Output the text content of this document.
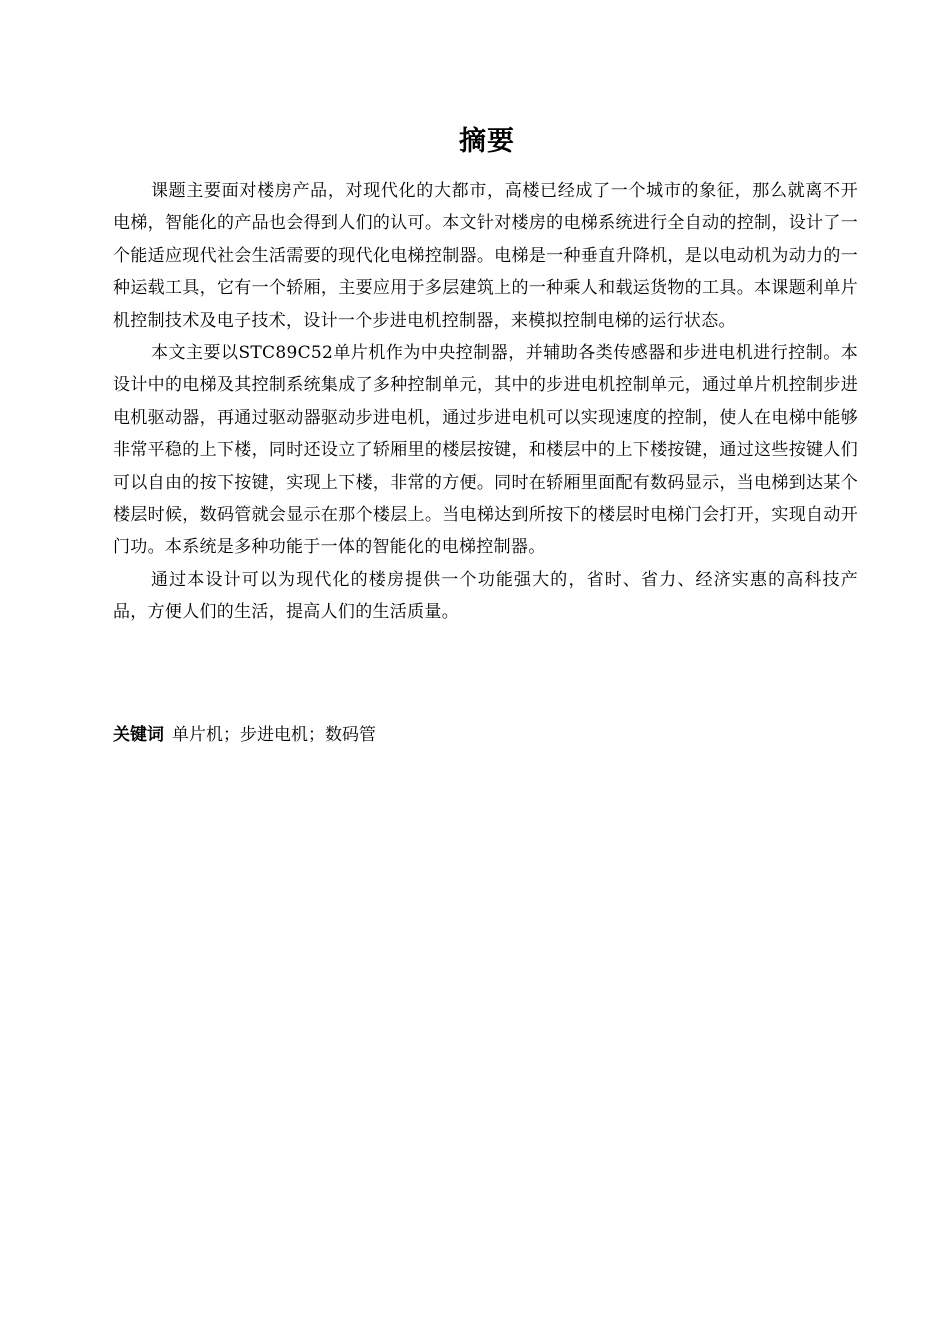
摘要

课题主要面对楼房产品，对现代化的大都市，高楼已经成了一个城市的象征，那么就离不开电梯，智能化的产品也会得到人们的认可。本文针对楼房的电梯系统进行全自动的控制，设计了一个能适应现代社会生活需要的现代化电梯控制器。电梯是一种垂直升降机，是以电动机为动力的一种运载工具，它有一个轿厢，主要应用于多层建筑上的一种乘人和载运货物的工具。本课题利单片机控制技术及电子技术，设计一个步进电机控制器，来模拟控制电梯的运行状态。

本文主要以STC89C52单片机作为中央控制器，并辅助各类传感器和步进电机进行控制。本设计中的电梯及其控制系统集成了多种控制单元，其中的步进电机控制单元，通过单片机控制步进电机驱动器，再通过驱动器驱动步进电机，通过步进电机可以实现速度的控制，使人在电梯中能够非常平稳的上下楼，同时还设立了轿厢里的楼层按键，和楼层中的上下楼按键，通过这些按键人们可以自由的按下按键，实现上下楼，非常的方便。同时在轿厢里面配有数码显示，当电梯到达某个楼层时候，数码管就会显示在那个楼层上。当电梯达到所按下的楼层时电梯门会打开，实现自动开门功。本系统是多种功能于一体的智能化的电梯控制器。

通过本设计可以为现代化的楼房提供一个功能强大的，省时、省力、经济实惠的高科技产品，方便人们的生活，提高人们的生活质量。

关键词 单片机；步进电机；数码管
